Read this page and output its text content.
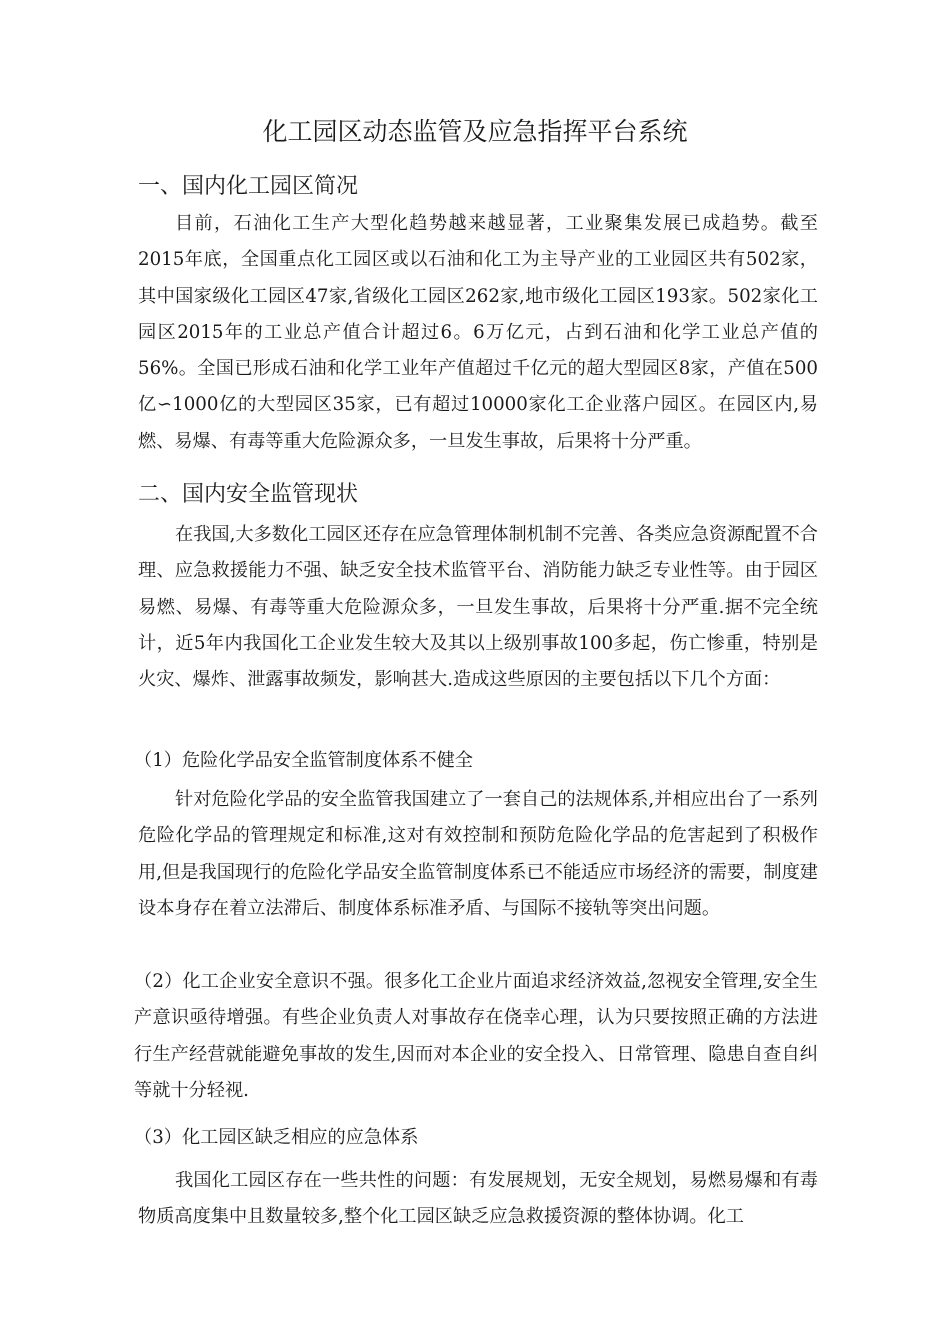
化工园区动态监管及应急指挥平台系统
一、国内化工园区简况

目前，石油化工生产大型化趋势越来越显著，工业聚集发展已成趋势。截至2015年底，全国重点化工园区或以石油和化工为主导产业的工业园区共有502家，其中国家级化工园区47家,省级化工园区262家,地市级化工园区193家。502家化工园区2015年的工业总产值合计超过6。6万亿元，占到石油和化学工业总产值的56%。全国已形成石油和化学工业年产值超过千亿元的超大型园区8家，产值在500亿∽1000亿的大型园区35家，已有超过10000家化工企业落户园区。在园区内,易燃、易爆、有毒等重大危险源众多，一旦发生事故，后果将十分严重。

二、国内安全监管现状

在我国,大多数化工园区还存在应急管理体制机制不完善、各类应急资源配置不合理、应急救援能力不强、缺乏安全技术监管平台、消防能力缺乏专业性等。由于园区易燃、易爆、有毒等重大危险源众多，一旦发生事故，后果将十分严重.据不完全统计，近5年内我国化工企业发生较大及其以上级别事故100多起，伤亡惨重，特别是火灾、爆炸、泄露事故频发，影响甚大.造成这些原因的主要包括以下几个方面：

（1）危险化学品安全监管制度体系不健全

针对危险化学品的安全监管我国建立了一套自己的法规体系,并相应出台了一系列危险化学品的管理规定和标准,这对有效控制和预防危险化学品的危害起到了积极作用,但是我国现行的危险化学品安全监管制度体系已不能适应市场经济的需要，制度建设本身存在着立法滞后、制度体系标准矛盾、与国际不接轨等突出问题。

（2）化工企业安全意识不强。很多化工企业片面追求经济效益,忽视安全管理,安全生产意识亟待增强。有些企业负责人对事故存在侥幸心理，认为只要按照正确的方法进行生产经营就能避免事故的发生,因而对本企业的安全投入、日常管理、隐患自查自纠等就十分轻视.

（3）化工园区缺乏相应的应急体系

我国化工园区存在一些共性的问题：有发展规划，无安全规划，易燃易爆和有毒物质高度集中且数量较多,整个化工园区缺乏应急救援资源的整体协调。化工
